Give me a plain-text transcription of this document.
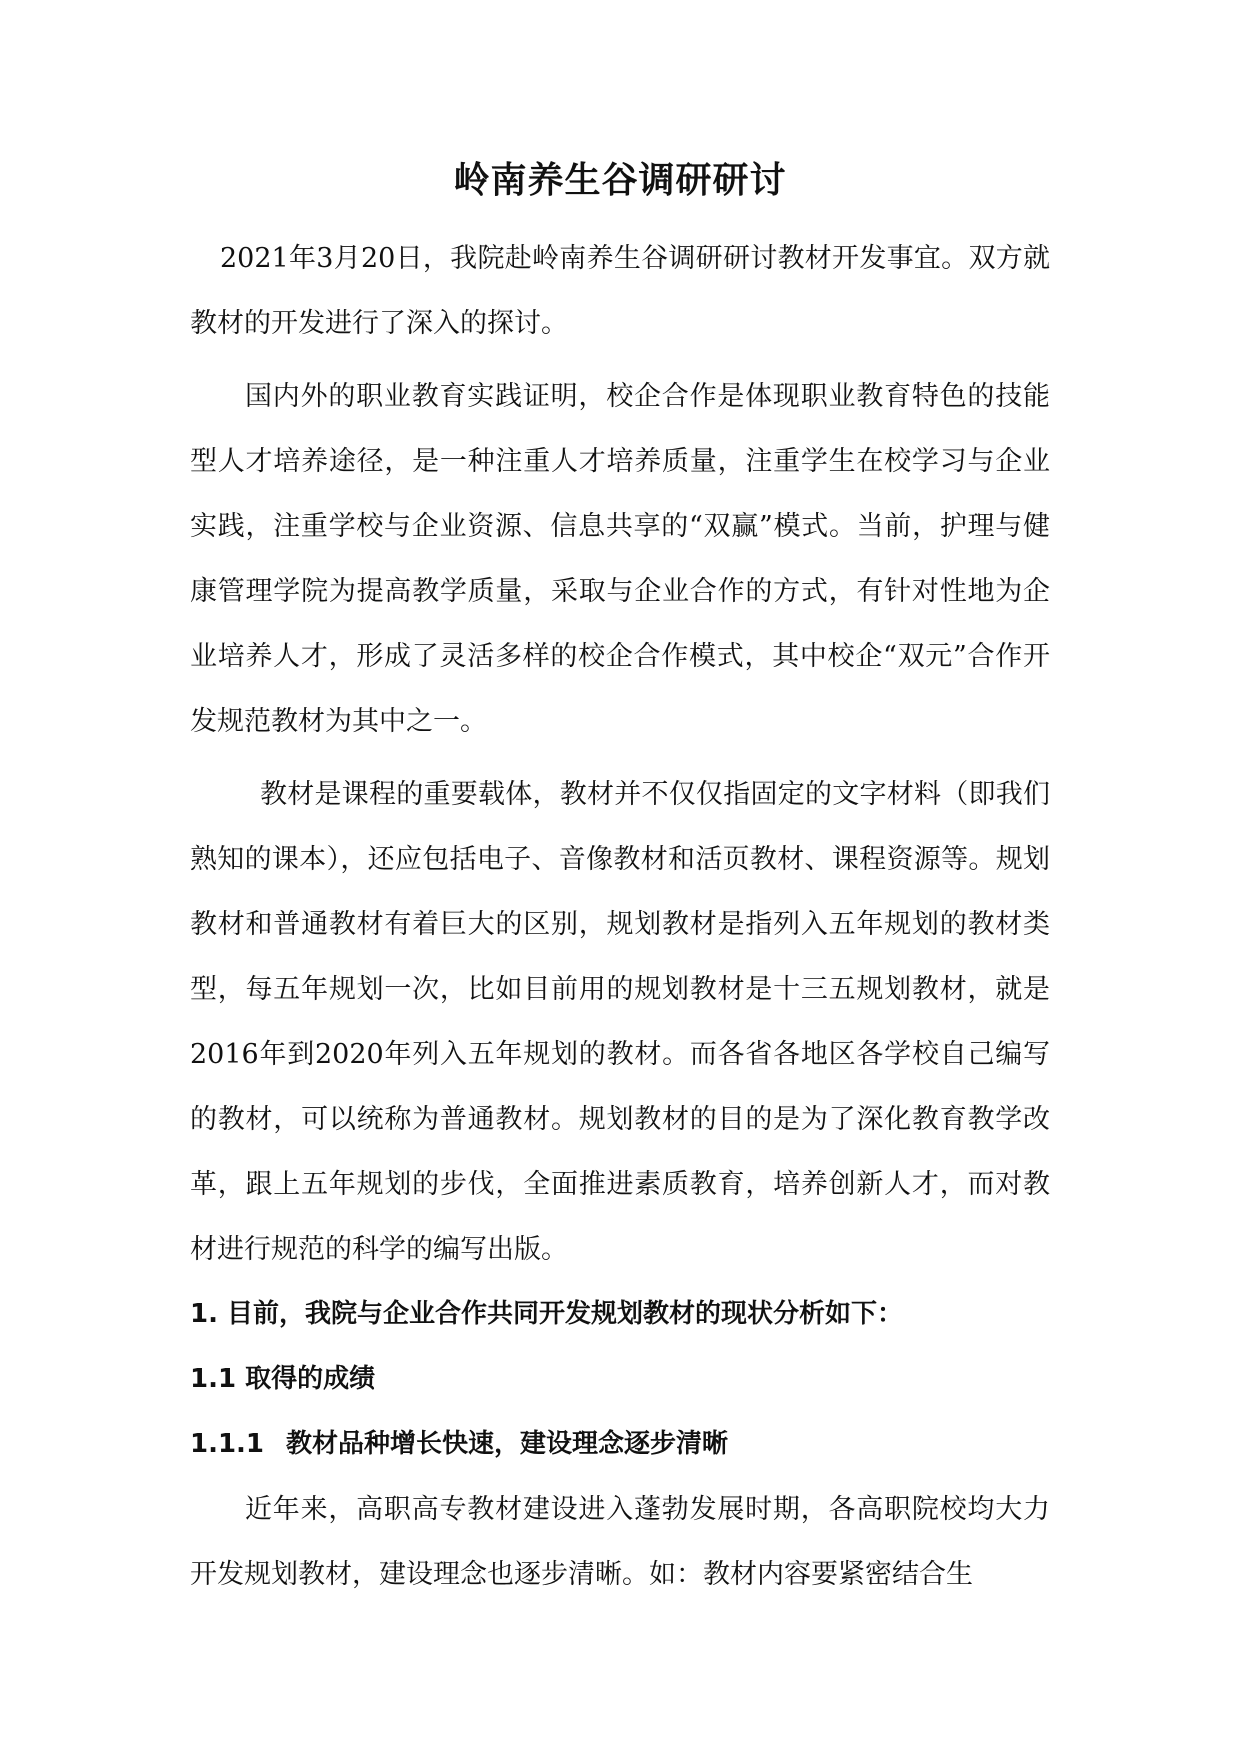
岭南养生谷调研研讨

2021年3月20日，我院赴岭南养生谷调研研讨教材开发事宜。双方就教材的开发进行了深入的探讨。

国内外的职业教育实践证明，校企合作是体现职业教育特色的技能型人才培养途径，是一种注重人才培养质量，注重学生在校学习与企业实践，注重学校与企业资源、信息共享的“双赢”模式。当前，护理与健康管理学院为提高教学质量，采取与企业合作的方式，有针对性地为企业培养人才，形成了灵活多样的校企合作模式，其中校企“双元”合作开发规范教材为其中之一。

教材是课程的重要载体，教材并不仅仅指固定的文字材料（即我们熟知的课本），还应包括电子、音像教材和活页教材、课程资源等。规划教材和普通教材有着巨大的区别，规划教材是指列入五年规划的教材类型，每五年规划一次，比如目前用的规划教材是十三五规划教材，就是2016年到2020年列入五年规划的教材。而各省各地区各学校自己编写的教材，可以统称为普通教材。规划教材的目的是为了深化教育教学改革，跟上五年规划的步伐，全面推进素质教育，培养创新人才，而对教材进行规范的科学的编写出版。

1. 目前，我院与企业合作共同开发规划教材的现状分析如下：

1.1 取得的成绩

1.1.1 教材品种增长快速，建设理念逐步清晰

近年来，高职高专教材建设进入蓬勃发展时期，各高职院校均大力开发规划教材，建设理念也逐步清晰。如：教材内容要紧密结合生
